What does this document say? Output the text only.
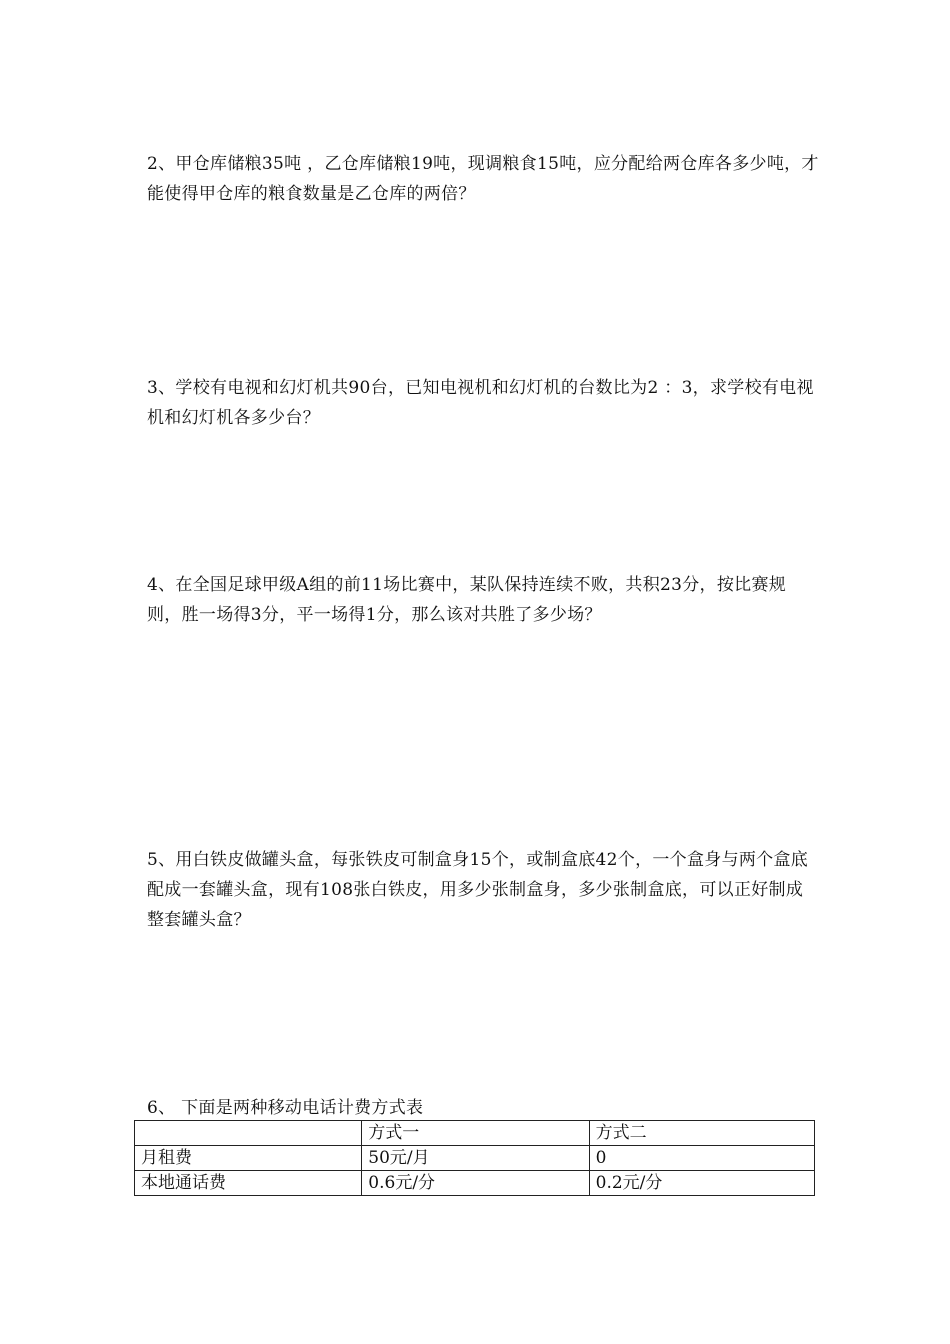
2、甲仓库储粮35吨 ，乙仓库储粮19吨，现调粮食15吨，应分配给两仓库各多少吨，才能使得甲仓库的粮食数量是乙仓库的两倍？
3、学校有电视和幻灯机共90台，已知电视机和幻灯机的台数比为2 ：3，求学校有电视机和幻灯机各多少台？
4、在全国足球甲级A组的前11场比赛中，某队保持连续不败，共积23分，按比赛规则，胜一场得3分，平一场得1分，那么该对共胜了多少场？
5、用白铁皮做罐头盒，每张铁皮可制盒身15个，或制盒底42个，一个盒身与两个盒底配成一套罐头盒，现有108张白铁皮，用多少张制盒身，多少张制盒底，可以正好制成整套罐头盒？
6、 下面是两种移动电话计费方式表
	方式一	方式二
月租费	50元/月	0
本地通话费	0.6元/分	0.2元/分
